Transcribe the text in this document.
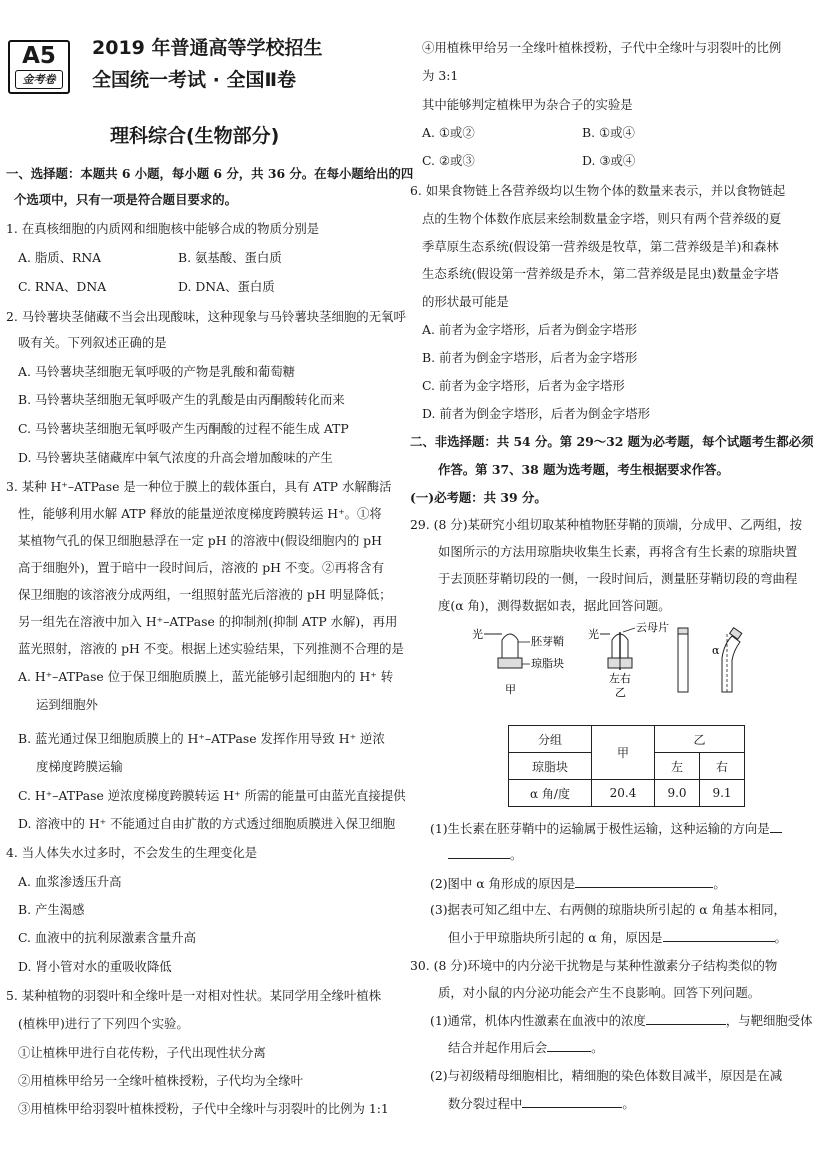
A5
金考卷
2019 年普通高等学校招生
全国统一考试 · 全国Ⅱ卷
理科综合(生物部分)
一、选择题：本题共 6 小题，每小题 6 分，共 36 分。在每小题给出的四
个选项中，只有一项是符合题目要求的。
1. 在真核细胞的内质网和细胞核中能够合成的物质分别是
A. 脂质、RNA	B. 氨基酸、蛋白质
C. RNA、DNA	D. DNA、蛋白质
2. 马铃薯块茎储藏不当会出现酸味，这种现象与马铃薯块茎细胞的无氧呼
吸有关。下列叙述正确的是
A. 马铃薯块茎细胞无氧呼吸的产物是乳酸和葡萄糖
B. 马铃薯块茎细胞无氧呼吸产生的乳酸是由丙酮酸转化而来
C. 马铃薯块茎细胞无氧呼吸产生丙酮酸的过程不能生成 ATP
D. 马铃薯块茎储藏库中氧气浓度的升高会增加酸味的产生
3. 某种 H⁺–ATPase 是一种位于膜上的载体蛋白，具有 ATP 水解酶活
性，能够利用水解 ATP 释放的能量逆浓度梯度跨膜转运 H⁺。①将
某植物气孔的保卫细胞悬浮在一定 pH 的溶液中(假设细胞内的 pH
高于细胞外)，置于暗中一段时间后，溶液的 pH 不变。②再将含有
保卫细胞的该溶液分成两组，一组照射蓝光后溶液的 pH 明显降低；
另一组先在溶液中加入 H⁺–ATPase 的抑制剂(抑制 ATP 水解)，再用
蓝光照射，溶液的 pH 不变。根据上述实验结果，下列推测不合理的是
A. H⁺–ATPase 位于保卫细胞质膜上，蓝光能够引起细胞内的 H⁺ 转
运到细胞外
B. 蓝光通过保卫细胞质膜上的 H⁺–ATPase 发挥作用导致 H⁺ 逆浓
度梯度跨膜运输
C. H⁺–ATPase 逆浓度梯度跨膜转运 H⁺ 所需的能量可由蓝光直接提供
D. 溶液中的 H⁺ 不能通过自由扩散的方式透过细胞质膜进入保卫细胞
4. 当人体失水过多时，不会发生的生理变化是
A. 血浆渗透压升高
B. 产生渴感
C. 血液中的抗利尿激素含量升高
D. 肾小管对水的重吸收降低
5. 某种植物的羽裂叶和全缘叶是一对相对性状。某同学用全缘叶植株
(植株甲)进行了下列四个实验。
①让植株甲进行自花传粉，子代出现性状分离
②用植株甲给另一全缘叶植株授粉，子代均为全缘叶
③用植株甲给羽裂叶植株授粉，子代中全缘叶与羽裂叶的比例为 1:1
④用植株甲给另一全缘叶植株授粉，子代中全缘叶与羽裂叶的比例
为 3:1
其中能够判定植株甲为杂合子的实验是
A. ①或②	B. ①或④
C. ②或③	D. ③或④
6. 如果食物链上各营养级均以生物个体的数量来表示，并以食物链起
点的生物个体数作底层来绘制数量金字塔，则只有两个营养级的夏
季草原生态系统(假设第一营养级是牧草，第二营养级是羊)和森林
生态系统(假设第一营养级是乔木，第二营养级是昆虫)数量金字塔
的形状最可能是
A. 前者为金字塔形，后者为倒金字塔形
B. 前者为倒金字塔形，后者为金字塔形
C. 前者为金字塔形，后者为金字塔形
D. 前者为倒金字塔形，后者为倒金字塔形
二、非选择题：共 54 分。第 29～32 题为必考题，每个试题考生都必须
作答。第 37、38 题为选考题，考生根据要求作答。
(一)必考题：共 39 分。
29. (8 分)某研究小组切取某种植物胚芽鞘的顶端，分成甲、乙两组，按
如图所示的方法用琼脂块收集生长素，再将含有生长素的琼脂块置
于去顶胚芽鞘切段的一侧，一段时间后，测量胚芽鞘切段的弯曲程
度(α 角)，测得数据如表，据此回答问题。
(1)生长素在胚芽鞘中的运输属于极性运输，这种运输的方向是
。
(2)图中 α 角形成的原因是	。
(3)据表可知乙组中左、右两侧的琼脂块所引起的 α 角基本相同，
但小于甲琼脂块所引起的 α 角，原因是	。
30. (8 分)环境中的内分泌干扰物是与某种性激素分子结构类似的物
质，对小鼠的内分泌功能会产生不良影响。回答下列问题。
(1)通常，机体内性激素在血液中的浓度	，与靶细胞受体
结合并起作用后会	。
(2)与初级精母细胞相比，精细胞的染色体数目减半，原因是在减
数分裂过程中	。
光
胚芽鞘
琼脂块
甲
光
云母片
左右
乙
α
分组	甲	乙	
琼脂块		左	右
α 角/度	20.4	9.0	9.1
